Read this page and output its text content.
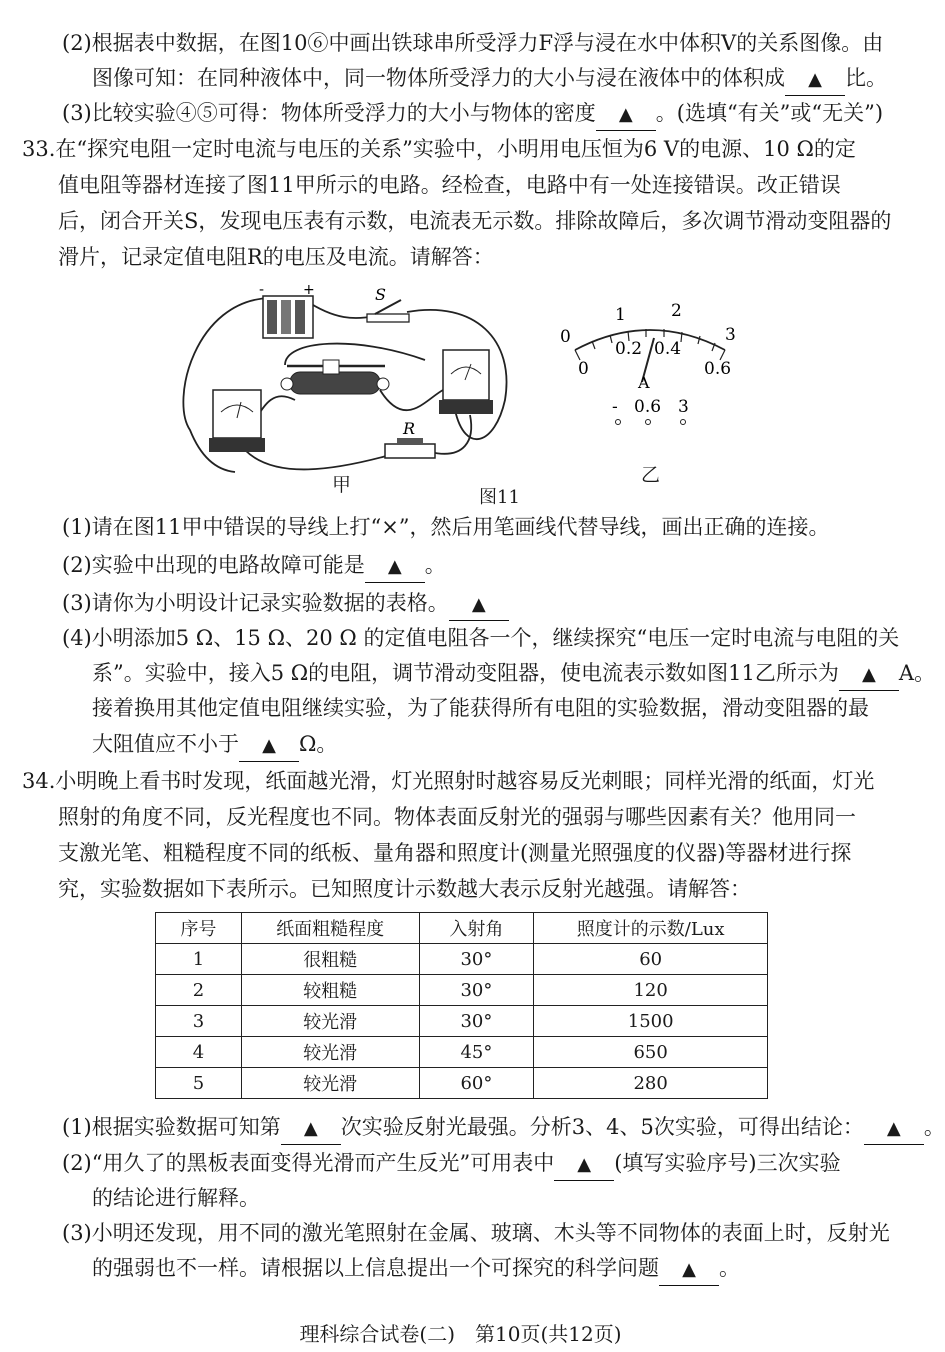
(2)根据表中数据，在图10⑥中画出铁球串所受浮力F浮与浸在水中体积V的关系图像。由
图像可知：在同种液体中，同一物体所受浮力的大小与浸在液体中的体积成 ▲ 比。
(3)比较实验④⑤可得：物体所受浮力的大小与物体的密度 ▲ 。(选填“有关”或“无关”)
33.在“探究电阻一定时电流与电压的关系”实验中，小明用电压恒为6 V的电源、10 Ω的定
值电阻等器材连接了图11甲所示的电路。经检查，电路中有一处连接错误。改正错误
后，闭合开关S，发现电压表有示数，电流表无示数。排除故障后，多次调节滑动变阻器的
滑片，记录定值电阻R的电压及电流。请解答：
-	+	S
R
甲
图11
0
1	2
3
0
0.2 0.4
0.6
A
- 0.6 3
乙
(1)请在图11甲中错误的导线上打“×”，然后用笔画线代替导线，画出正确的连接。
(2)实验中出现的电路故障可能是 ▲ 。
(3)请你为小明设计记录实验数据的表格。 ▲
(4)小明添加5 Ω、15 Ω、20 Ω 的定值电阻各一个，继续探究“电压一定时电流与电阻的关
系”。实验中，接入5 Ω的电阻，调节滑动变阻器，使电流表示数如图11乙所示为 ▲ A。
接着换用其他定值电阻继续实验，为了能获得所有电阻的实验数据，滑动变阻器的最
大阻值应不小于 ▲ Ω。
34.小明晚上看书时发现，纸面越光滑，灯光照射时越容易反光刺眼；同样光滑的纸面，灯光
照射的角度不同，反光程度也不同。物体表面反射光的强弱与哪些因素有关？他用同一
支激光笔、粗糙程度不同的纸板、量角器和照度计(测量光照强度的仪器)等器材进行探
究，实验数据如下表所示。已知照度计示数越大表示反射光越强。请解答：
序号	纸面粗糙程度	入射角	照度计的示数/Lux
1	很粗糙	30°	60
2	较粗糙	30°	120
3	较光滑	30°	1500
4	较光滑	45°	650
5	较光滑	60°	280
(1)根据实验数据可知第 ▲ 次实验反射光最强。分析3、4、5次实验，可得出结论： ▲ 。
(2)“用久了的黑板表面变得光滑而产生反光”可用表中 ▲ (填写实验序号)三次实验
的结论进行解释。
(3)小明还发现，用不同的激光笔照射在金属、玻璃、木头等不同物体的表面上时，反射光
的强弱也不一样。请根据以上信息提出一个可探究的科学问题 ▲ 。
理科综合试卷(二)　第10页(共12页)
